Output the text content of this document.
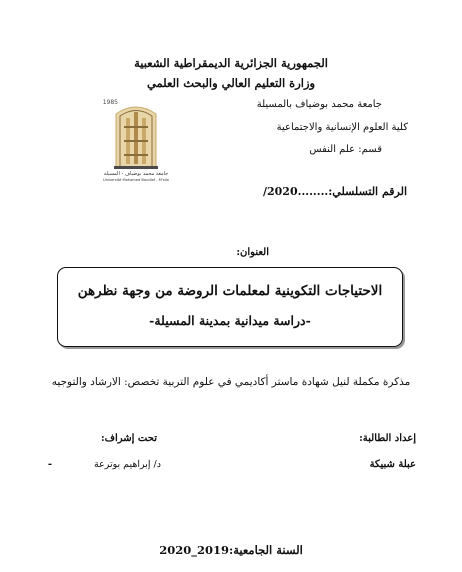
الجمهورية الجزائرية الديمقراطية الشعبية
وزارة التعليم العالي والبحث العلمي
جامعة محمد بوضياف بالمسيلة
كلية العلوم الإنسانية والاجتماعية
قسم: علم النفس
1985
جامعة محمد بوضياف - المسيلة
Université Mohamed Boudiaf - M'sila
الرقم التسلسلي:........2020/
العنوان:
الاحتياجات التكوينية لمعلمات الروضة من وجهة نظرهن
-دراسة ميدانية بمدينة المسيلة-
مذكرة مكملة لنيل شهادة ماستر أكاديمي في علوم التربية تخصص: الارشاد والتوجيه
إعداد الطالبة:
تحت إشراف:
عبلة شبيكة
-	د/ إبراهيم بوترعة
السنة الجامعية:2019_2020
